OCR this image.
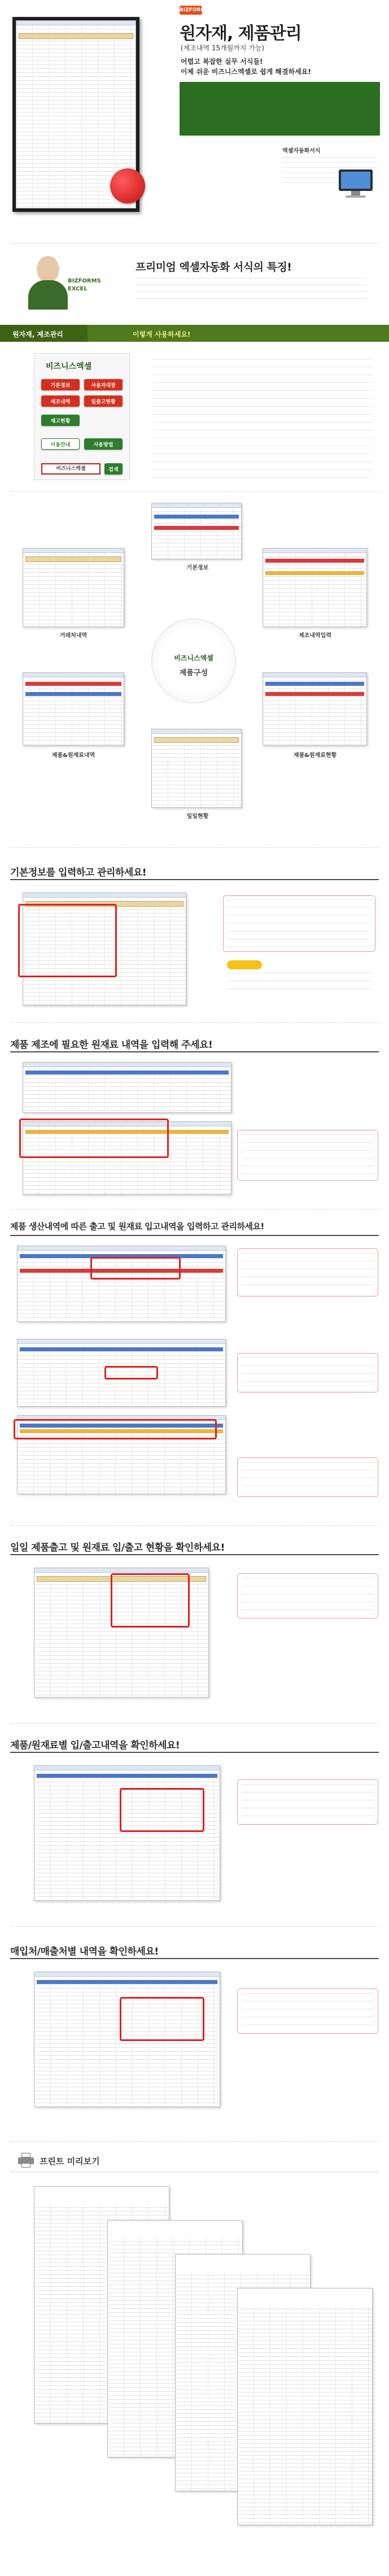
BIZFORMS
원자재, 제품관리
(제조내역 15개월까지 가능)
어렵고 복잡한 실무 서식들!
이제 쉬운 비즈니스엑셀로 쉽게 해결하세요!
엑셀자동화서식
BIZFORMS
EXCEL
프리미엄 엑셀자동화 서식의 특징!
원자재, 제조관리	이렇게 사용하세요!
비즈니스엑셀
기본정보	사용자대장
제조내역	입출고현황
재고현황
이용안내	사용방법
비즈니스엑셀	검색
제품구성
비즈니스엑셀
기본정보
거래처내역	제조내역입력
제품&원재료내역	제품&원재료현황
일일현황
기본정보를 입력하고 관리하세요!
제품 제조에 필요한 원재료 내역을 입력해 주세요!
제품 생산내역에 따른 출고 및 원재료 입고내역을 입력하고 관리하세요!
일일 제품출고 및 원재료 입/출고 현황을 확인하세요!
제품/원재료별 입/출고내역을 확인하세요!
매입처/매출처별 내역을 확인하세요!
프린트 미리보기
